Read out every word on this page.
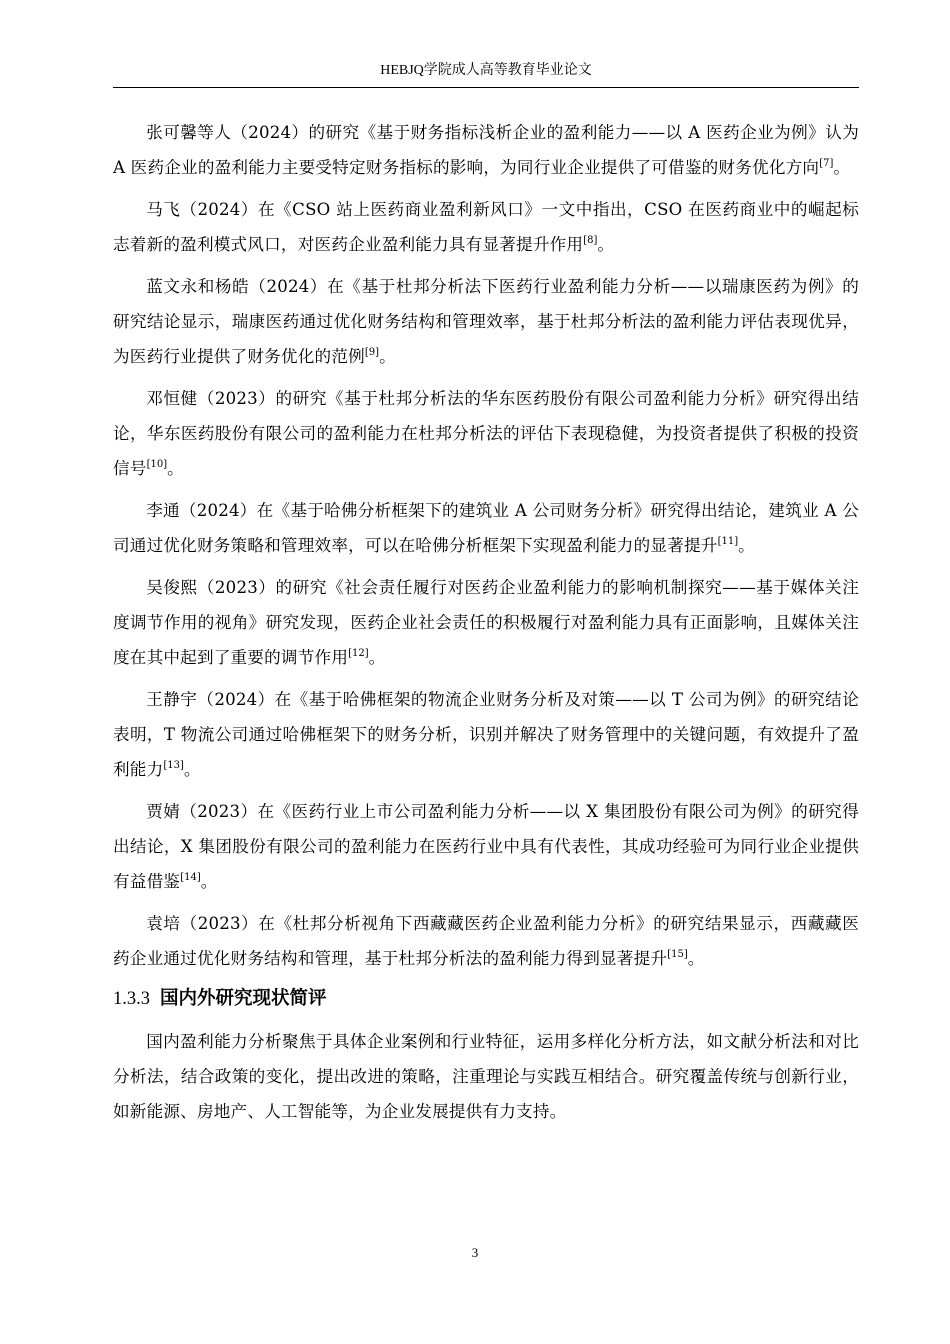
HEBJQ学院成人高等教育毕业论文

张可馨等人（2024）的研究《基于财务指标浅析企业的盈利能力——以 A 医药企业为例》认为 A 医药企业的盈利能力主要受特定财务指标的影响，为同行业企业提供了可借鉴的财务优化方向[7]。

马飞（2024）在《CSO 站上医药商业盈利新风口》一文中指出，CSO 在医药商业中的崛起标志着新的盈利模式风口，对医药企业盈利能力具有显著提升作用[8]。

蓝文永和杨皓（2024）在《基于杜邦分析法下医药行业盈利能力分析——以瑞康医药为例》的研究结论显示，瑞康医药通过优化财务结构和管理效率，基于杜邦分析法的盈利能力评估表现优异，为医药行业提供了财务优化的范例[9]。

邓恒健（2023）的研究《基于杜邦分析法的华东医药股份有限公司盈利能力分析》研究得出结论，华东医药股份有限公司的盈利能力在杜邦分析法的评估下表现稳健，为投资者提供了积极的投资信号[10]。

李通（2024）在《基于哈佛分析框架下的建筑业 A 公司财务分析》研究得出结论，建筑业 A 公司通过优化财务策略和管理效率，可以在哈佛分析框架下实现盈利能力的显著提升[11]。

吴俊熙（2023）的研究《社会责任履行对医药企业盈利能力的影响机制探究——基于媒体关注度调节作用的视角》研究发现，医药企业社会责任的积极履行对盈利能力具有正面影响，且媒体关注度在其中起到了重要的调节作用[12]。

王静宇（2024）在《基于哈佛框架的物流企业财务分析及对策——以 T 公司为例》的研究结论表明，T 物流公司通过哈佛框架下的财务分析，识别并解决了财务管理中的关键问题，有效提升了盈利能力[13]。

贾婧（2023）在《医药行业上市公司盈利能力分析——以 X 集团股份有限公司为例》的研究得出结论，X 集团股份有限公司的盈利能力在医药行业中具有代表性，其成功经验可为同行业企业提供有益借鉴[14]。

袁培（2023）在《杜邦分析视角下西藏藏医药企业盈利能力分析》的研究结果显示，西藏藏医药企业通过优化财务结构和管理，基于杜邦分析法的盈利能力得到显著提升[15]。

1.3.3 国内外研究现状简评

国内盈利能力分析聚焦于具体企业案例和行业特征，运用多样化分析方法，如文献分析法和对比分析法，结合政策的变化，提出改进的策略，注重理论与实践互相结合。研究覆盖传统与创新行业，如新能源、房地产、人工智能等，为企业发展提供有力支持。

3
